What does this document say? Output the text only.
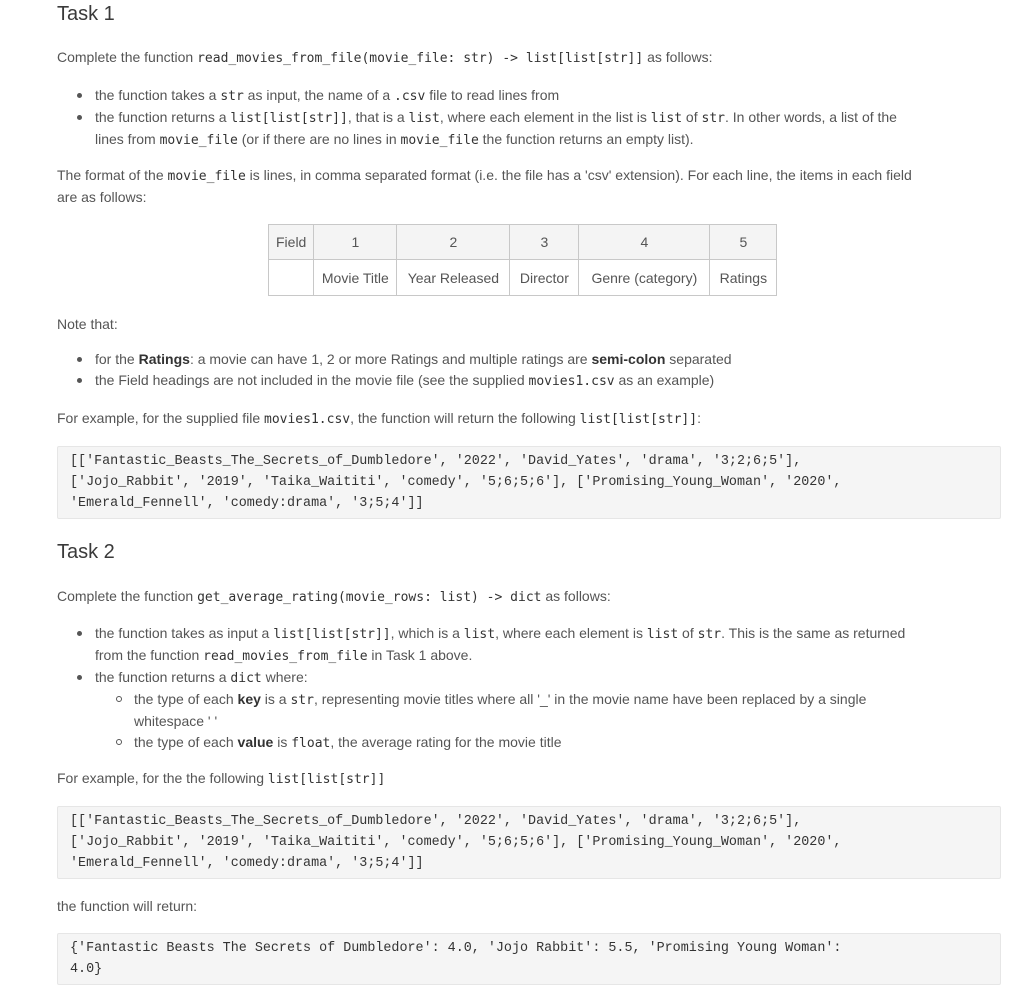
Task 1

Complete the function read_movies_from_file(movie_file: str) -> list[list[str]] as follows:

the function takes a str as input, the name of a .csv file to read lines from
the function returns a list[list[str]], that is a list, where each element in the list is list of str. In other words, a list of the
lines from movie_file (or if there are no lines in movie_file the function returns an empty list).

The format of the movie_file is lines, in comma separated format (i.e. the file has a 'csv' extension). For each line, the items in each field
are as follows:

Field	1	2	3	4	5
	Movie Title	Year Released	Director	Genre (category)	Ratings

Note that:

for the Ratings: a movie can have 1, 2 or more Ratings and multiple ratings are semi-colon separated
the Field headings are not included in the movie file (see the supplied movies1.csv as an example)

For example, for the supplied file movies1.csv, the function will return the following list[list[str]]:

[['Fantastic_Beasts_The_Secrets_of_Dumbledore', '2022', 'David_Yates', 'drama', '3;2;6;5'],
['Jojo_Rabbit', '2019', 'Taika_Waititi', 'comedy', '5;6;5;6'], ['Promising_Young_Woman', '2020',
'Emerald_Fennell', 'comedy:drama', '3;5;4']]
Task 2

Complete the function get_average_rating(movie_rows: list) -> dict as follows:

the function takes as input a list[list[str]], which is a list, where each element is list of str. This is the same as returned
from the function read_movies_from_file in Task 1 above.
the function returns a dict where:
the type of each key is a str, representing movie titles where all '_' in the movie name have been replaced by a single
whitespace ' '
the type of each value is float, the average rating for the movie title

For example, for the the following list[list[str]]

[['Fantastic_Beasts_The_Secrets_of_Dumbledore', '2022', 'David_Yates', 'drama', '3;2;6;5'],
['Jojo_Rabbit', '2019', 'Taika_Waititi', 'comedy', '5;6;5;6'], ['Promising_Young_Woman', '2020',
'Emerald_Fennell', 'comedy:drama', '3;5;4']]

the function will return:

{'Fantastic Beasts The Secrets of Dumbledore': 4.0, 'Jojo Rabbit': 5.5, 'Promising Young Woman':
4.0}
